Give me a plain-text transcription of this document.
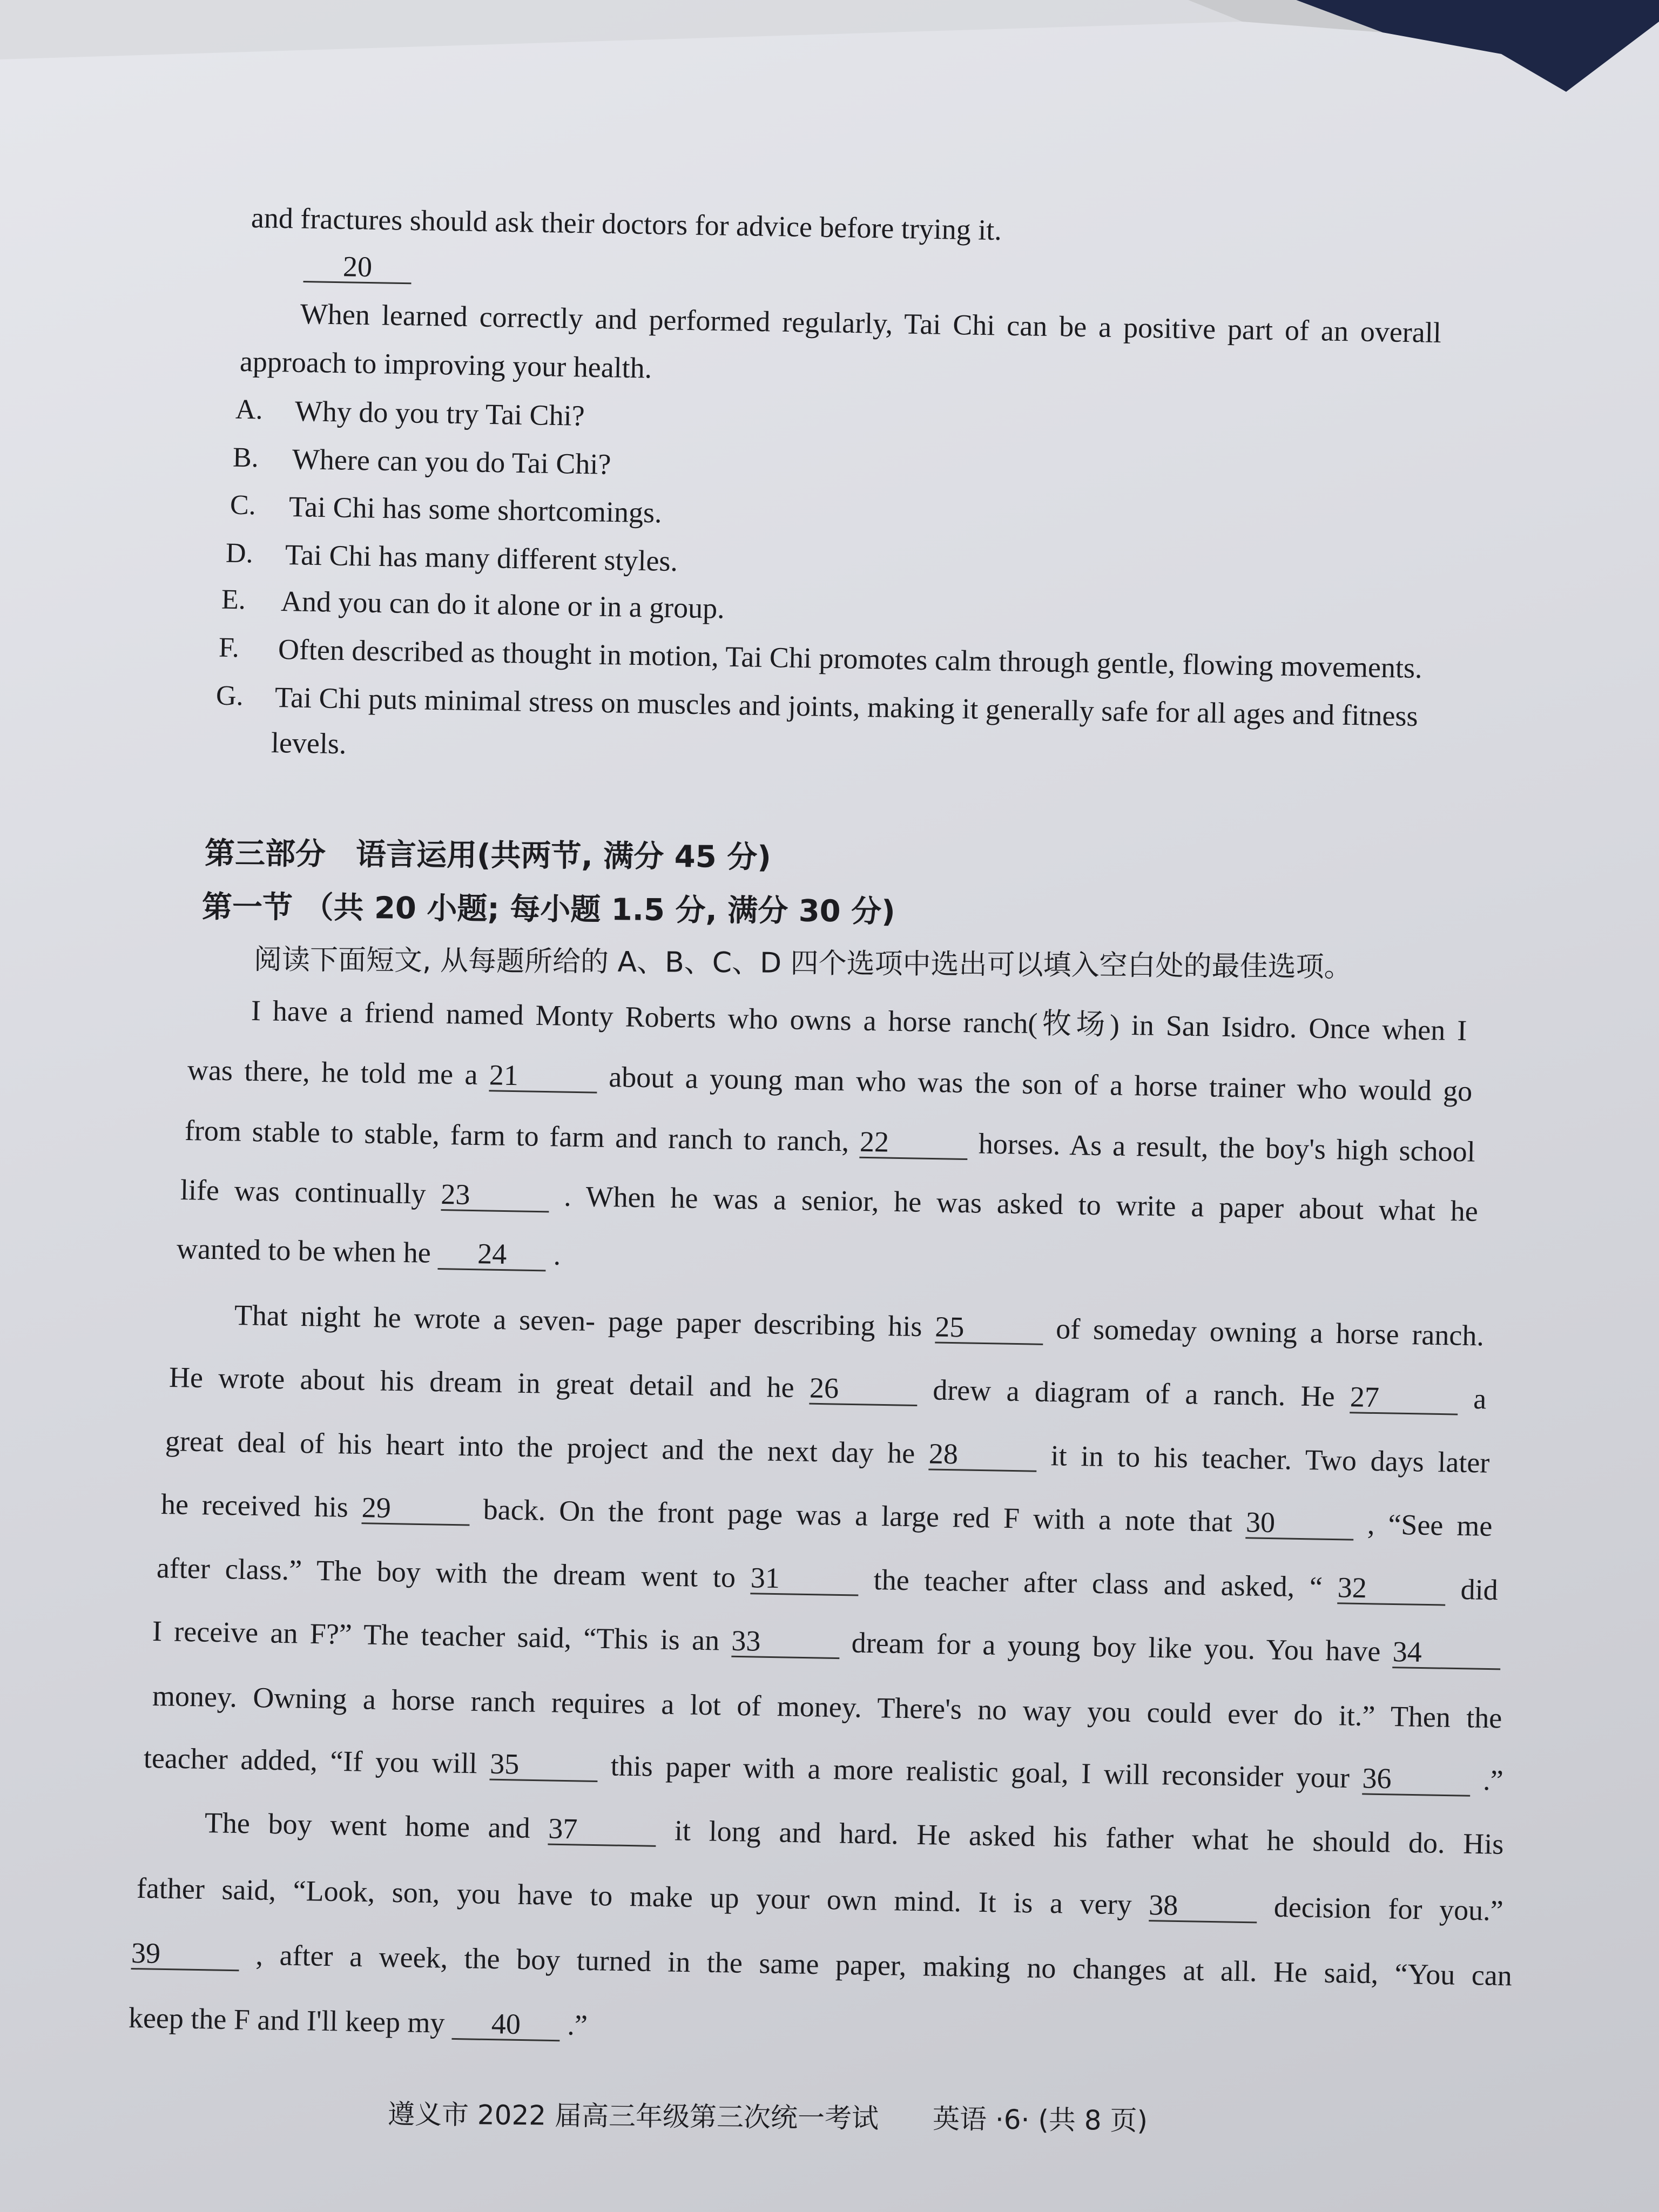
and fractures should ask their doctors for advice before trying it.
20
When learned correctly and performed regularly, Tai Chi can be a positive part of an overall
approach to improving your health.
A. Why do you try Tai Chi?
B. Where can you do Tai Chi?
C. Tai Chi has some shortcomings.
D. Tai Chi has many different styles.
E. And you can do it alone or in a group.
F. Often described as thought in motion, Tai Chi promotes calm through gentle, flowing movements.
G. Tai Chi puts minimal stress on muscles and joints, making it generally safe for all ages and fitness
levels.
第三部分　语言运用(共两节, 满分 45 分)
第一节 （共 20 小题; 每小题 1.5 分, 满分 30 分)
阅读下面短文, 从每题所给的 A、B、C、D 四个选项中选出可以填入空白处的最佳选项。
I have a friend named Monty Roberts who owns a horse ranch(牧场) in San Isidro. Once when I
was there, he told me a 21	about a young man who was the son of a horse trainer who would go
from stable to stable, farm to farm and ranch to ranch, 22	horses. As a result, the boy's high school
life was continually 23	. When he was a senior, he was asked to write a paper about what he
wanted to be when he 24 .
That night he wrote a seven- page paper describing his 25	of someday owning a horse ranch.
He wrote about his dream in great detail and he 26	drew a diagram of a ranch. He 27	a
great deal of his heart into the project and the next day he 28	it in to his teacher. Two days later
he received his 29	back. On the front page was a large red F with a note that 30	, “See me
after class.” The boy with the dream went to 31	the teacher after class and asked, “ 32	did
I receive an F?” The teacher said, “This is an 33	dream for a young boy like you. You have 34
money. Owning a horse ranch requires a lot of money. There's no way you could ever do it.” Then the
teacher added, “If you will 35	this paper with a more realistic goal, I will reconsider your 36	.”
The boy went home and 37	it long and hard. He asked his father what he should do. His
father said, “Look, son, you have to make up your own mind. It is a very 38	decision for you.”
39	, after a week, the boy turned in the same paper, making no changes at all. He said, “You can
keep the F and I'll keep my 40 .”
遵义市 2022 届高三年级第三次统一考试　　英语 ·6· (共 8 页)
